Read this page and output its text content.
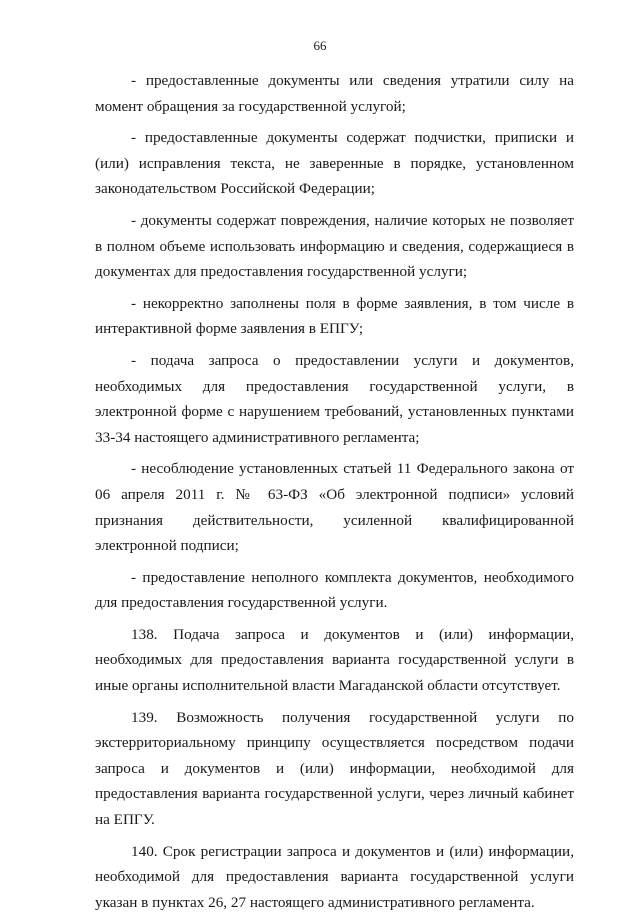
66

- предоставленные документы или сведения утратили силу на момент обращения за государственной услугой;

- предоставленные документы содержат подчистки, приписки и (или) исправления текста, не заверенные в порядке, установленном законодательством Российской Федерации;

- документы содержат повреждения, наличие которых не позволяет в полном объеме использовать информацию и сведения, содержащиеся в документах для предоставления государственной услуги;

- некорректно заполнены поля в форме заявления, в том числе в интерактивной форме заявления в ЕПГУ;

- подача запроса о предоставлении услуги и документов, необходимых для предоставления государственной услуги, в электронной форме с нарушением требований, установленных пунктами 33-34 настоящего административного регламента;

- несоблюдение установленных статьей 11 Федерального закона от 06 апреля 2011 г. № 63-ФЗ «Об электронной подписи» условий признания действительности, усиленной квалифицированной электронной подписи;

- предоставление неполного комплекта документов, необходимого для предоставления государственной услуги.

138. Подача запроса и документов и (или) информации, необходимых для предоставления варианта государственной услуги в иные органы исполнительной власти Магаданской области отсутствует.

139. Возможность получения государственной услуги по экстерриториальному принципу осуществляется посредством подачи запроса и документов и (или) информации, необходимой для предоставления варианта государственной услуги, через личный кабинет на ЕПГУ.

140. Срок регистрации запроса и документов и (или) информации, необходимой для предоставления варианта государственной услуги указан в пунктах 26, 27 настоящего административного регламента.
